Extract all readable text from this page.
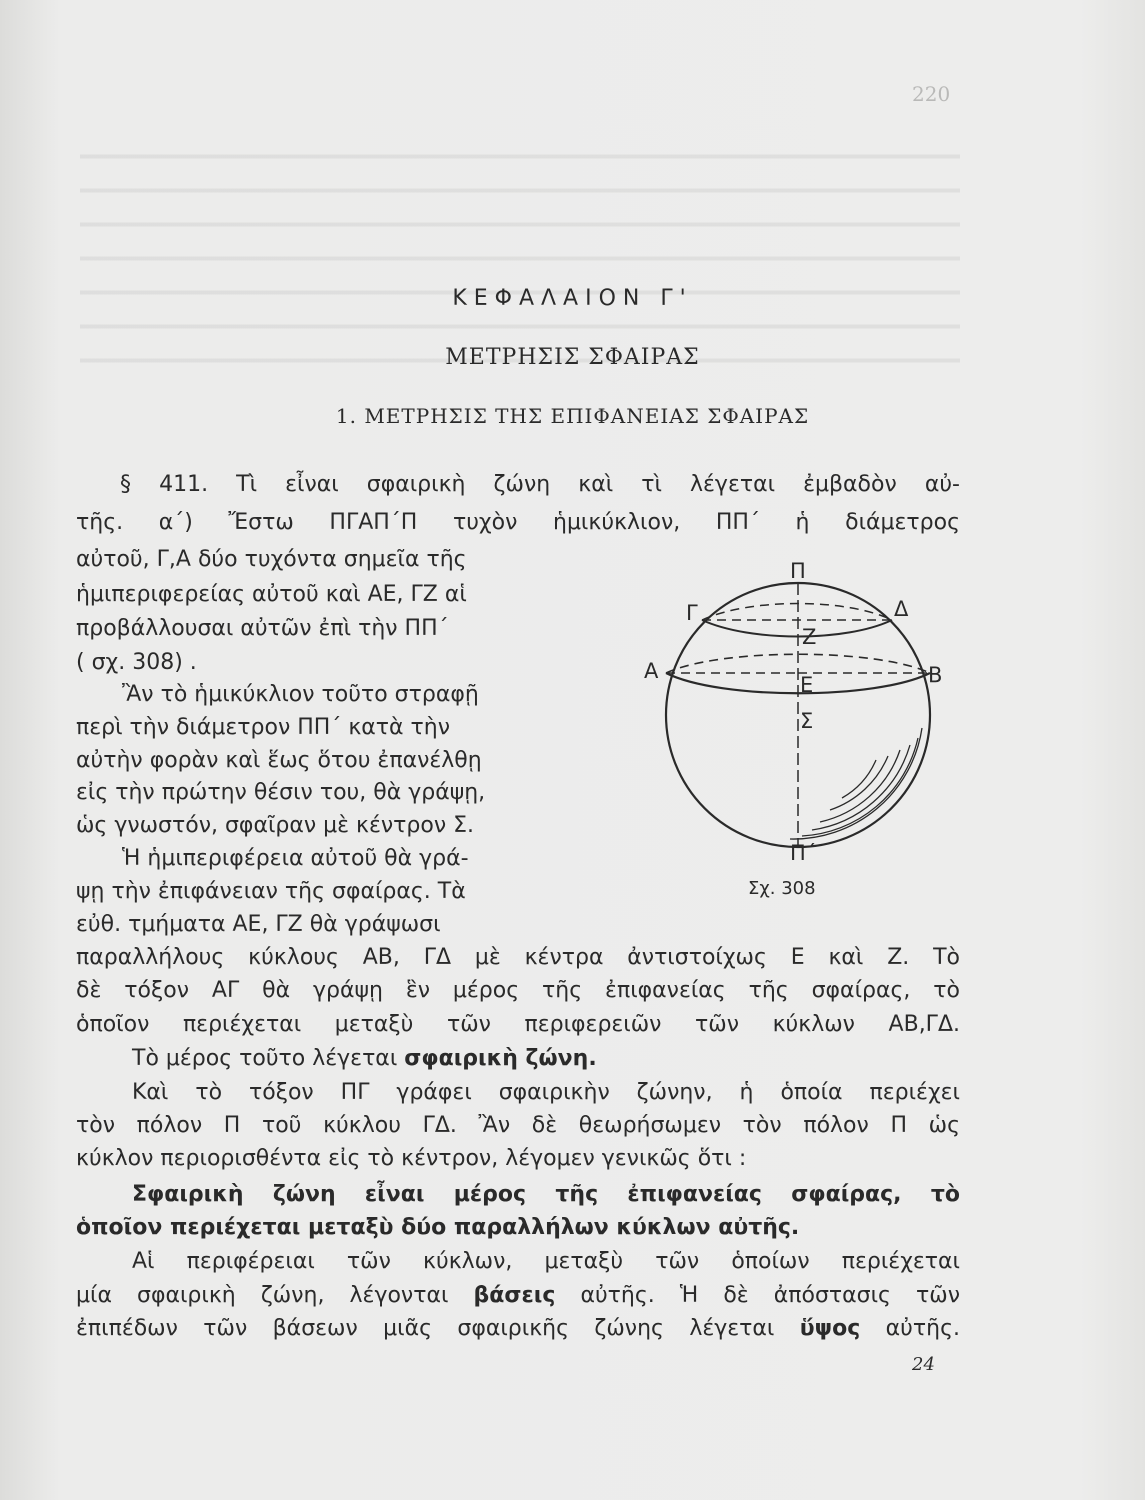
220
ΚΕΦΑΛΑΙΟΝ Γ'
ΜΕΤΡΗΣΙΣ ΣΦΑΙΡΑΣ
1. ΜΕΤΡΗΣΙΣ ΤΗΣ ΕΠΙΦΑΝΕΙΑΣ ΣΦΑΙΡΑΣ
§ 411. Τὶ εἶναι σφαιρικὴ ζώνη καὶ τὶ λέγεται ἐμβαδὸν αὐ-
τῆς. α΄) Ἔστω ΠΓΑΠ΄Π τυχὸν ἡμικύκλιον, ΠΠ΄ ἡ διάμετρος
αὐτοῦ, Γ,Α δύο τυχόντα σημεῖα τῆς
ἡμιπεριφερείας αὐτοῦ καὶ ΑΕ, ΓΖ αἱ
προβάλλουσαι αὐτῶν ἐπὶ τὴν ΠΠ΄
( σχ. 308) .
Ἂν τὸ ἡμικύκλιον τοῦτο στραφῇ
περὶ τὴν διάμετρον ΠΠ΄ κατὰ τὴν
αὐτὴν φορὰν καὶ ἕως ὅτου ἐπανέλθῃ
εἰς τὴν πρώτην θέσιν του, θὰ γράψῃ,
ὡς γνωστόν, σφαῖραν μὲ κέντρον Σ.
Ἡ ἡμιπεριφέρεια αὐτοῦ θὰ γρά-
ψῃ τὴν ἐπιφάνειαν τῆς σφαίρας. Τὰ
εὐθ. τμήματα ΑΕ, ΓΖ θὰ γράψωσι
παραλλήλους κύκλους ΑΒ, ΓΔ μὲ κέντρα ἀντιστοίχως Ε καὶ Ζ. Τὸ
δὲ τόξον ΑΓ θὰ γράψῃ ἓν μέρος τῆς ἐπιφανείας τῆς σφαίρας, τὸ
ὁποῖον περιέχεται μεταξὺ τῶν περιφερειῶν τῶν κύκλων ΑΒ,ΓΔ.
Τὸ μέρος τοῦτο λέγεται σφαιρικὴ ζώνη.
Καὶ τὸ τόξον ΠΓ γράφει σφαιρικὴν ζώνην, ἡ ὁποία περιέχει
τὸν πόλον Π τοῦ κύκλου ΓΔ. Ἂν δὲ θεωρήσωμεν τὸν πόλον Π ὡς
κύκλον περιορισθέντα εἰς τὸ κέντρον, λέγομεν γενικῶς ὅτι :
Σφαιρικὴ ζώνη εἶναι μέρος τῆς ἐπιφανείας σφαίρας, τὸ
ὁποῖον περιέχεται μεταξὺ δύο παραλλήλων κύκλων αὐτῆς.
Αἱ περιφέρειαι τῶν κύκλων, μεταξὺ τῶν ὁποίων περιέχεται
μία σφαιρικὴ ζώνη, λέγονται βάσεις αὐτῆς. Ἡ δὲ ἀπόστασις τῶν
ἐπιπέδων τῶν βάσεων μιᾶς σφαιρικῆς ζώνης λέγεται ὕψος αὐτῆς.
Π
Γ	Δ
Z
Α	Β
Ε
Σ
Π΄
Σχ. 308
24
